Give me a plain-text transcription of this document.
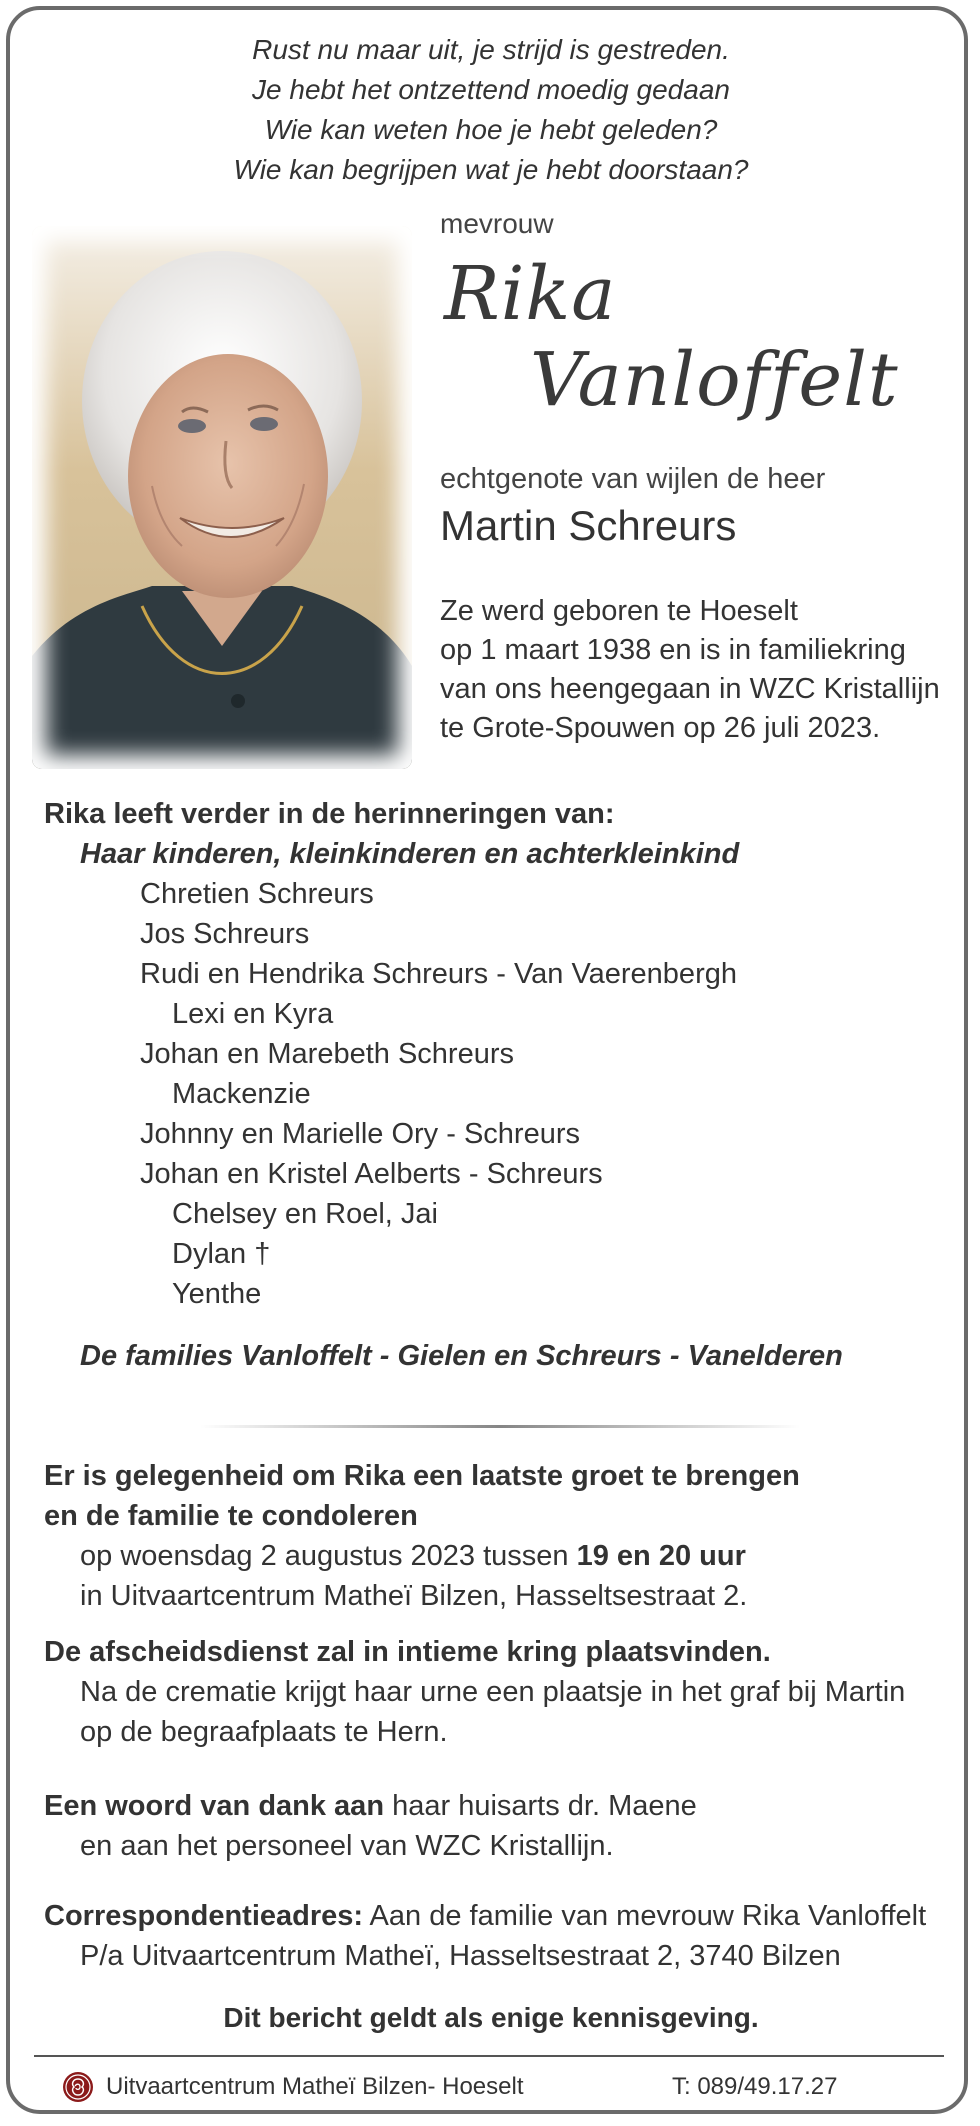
Rust nu maar uit, je strijd is gestreden.
Je hebt het ontzettend moedig gedaan
Wie kan weten hoe je hebt geleden?
Wie kan begrijpen wat je hebt doorstaan?
mevrouw
Rika
Vanloffelt
echtgenote van wijlen de heer
Martin Schreurs
Ze werd geboren te Hoeselt
op 1 maart 1938 en is in familiekring
van ons heengegaan in WZC Kristallijn
te Grote-Spouwen op 26 juli 2023.
Rika leeft verder in de herinneringen van:
Haar kinderen, kleinkinderen en achterkleinkind
Chretien Schreurs
Jos Schreurs
Rudi en Hendrika Schreurs - Van Vaerenbergh
Lexi en Kyra
Johan en Marebeth Schreurs
Mackenzie
Johnny en Marielle Ory - Schreurs
Johan en Kristel Aelberts - Schreurs
Chelsey en Roel, Jai
Dylan †
Yenthe
De families Vanloffelt - Gielen en Schreurs - Vanelderen
Er is gelegenheid om Rika een laatste groet te brengen
en de familie te condoleren
op woensdag 2 augustus 2023 tussen 19 en 20 uur
in Uitvaartcentrum Matheï Bilzen, Hasseltsestraat 2.
De afscheidsdienst zal in intieme kring plaatsvinden.
Na de crematie krijgt haar urne een plaatsje in het graf bij Martin
op de begraafplaats te Hern.
Een woord van dank aan haar huisarts dr. Maene
en aan het personeel van WZC Kristallijn.
Correspondentieadres: Aan de familie van mevrouw Rika Vanloffelt
P/a Uitvaartcentrum Matheï, Hasseltsestraat 2, 3740 Bilzen
Dit bericht geldt als enige kennisgeving.
Uitvaartcentrum Matheï Bilzen- Hoeselt	T: 089/49.17.27
